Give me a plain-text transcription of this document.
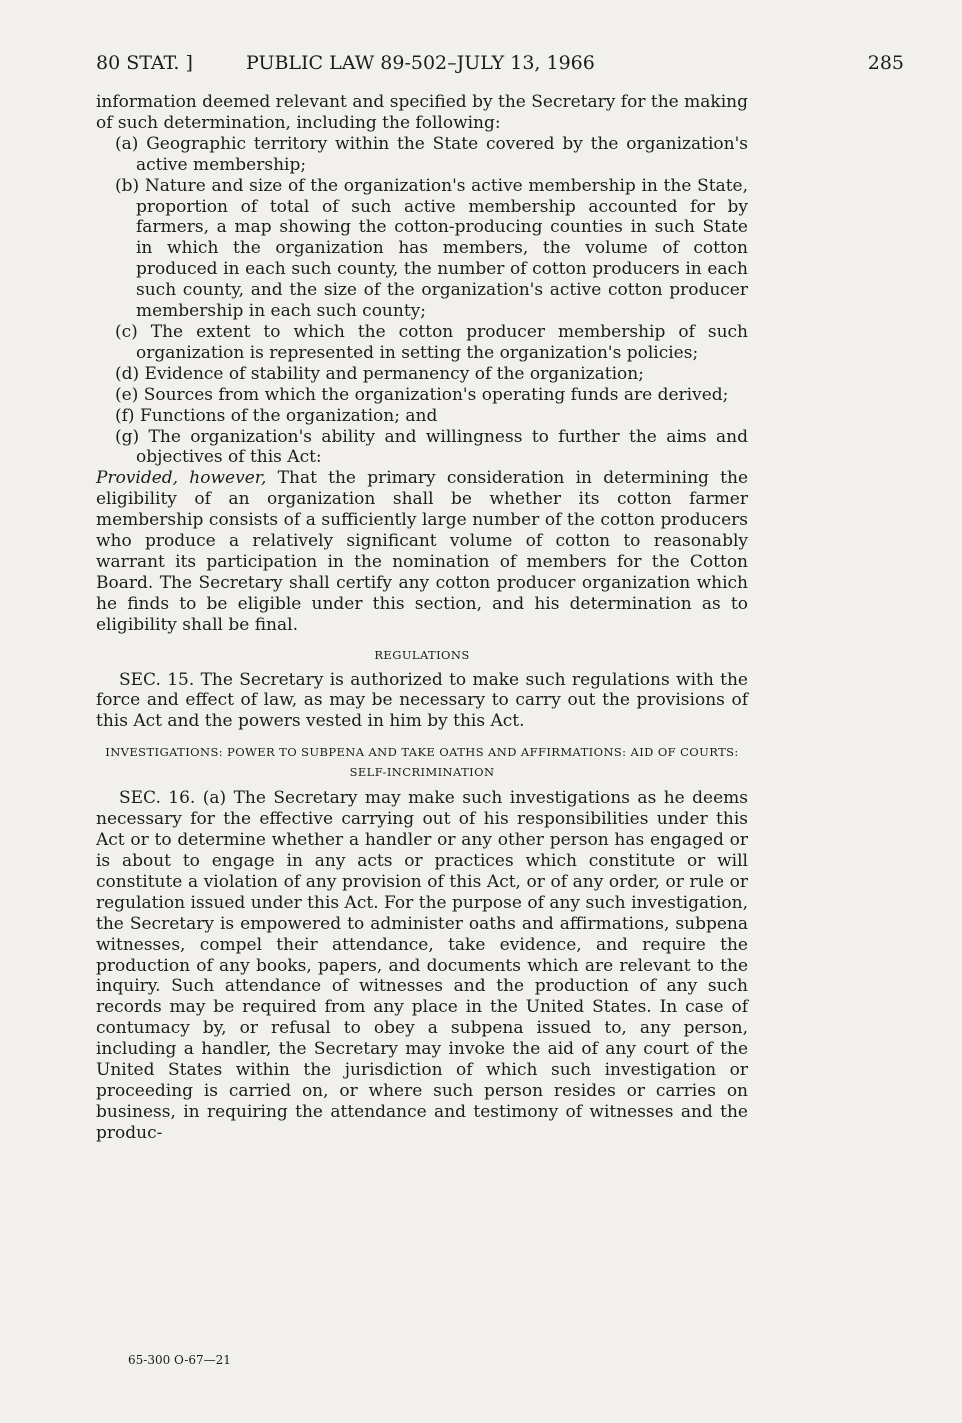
80 STAT. ]	PUBLIC LAW 89-502–JULY 13, 1966	285

information deemed relevant and specified by the Secretary for the making of such determination, including the following:

(a) Geographic territory within the State covered by the organization's active membership;

(b) Nature and size of the organization's active membership in the State, proportion of total of such active membership accounted for by farmers, a map showing the cotton-producing counties in such State in which the organization has members, the volume of cotton produced in each such county, the number of cotton producers in each such county, and the size of the organization's active cotton producer membership in each such county;

(c) The extent to which the cotton producer membership of such organization is represented in setting the organization's policies;

(d) Evidence of stability and permanency of the organization;

(e) Sources from which the organization's operating funds are derived;

(f) Functions of the organization; and

(g) The organization's ability and willingness to further the aims and objectives of this Act:

Provided, however, That the primary consideration in determining the eligibility of an organization shall be whether its cotton farmer membership consists of a sufficiently large number of the cotton producers who produce a relatively significant volume of cotton to reasonably warrant its participation in the nomination of members for the Cotton Board. The Secretary shall certify any cotton producer organization which he finds to be eligible under this section, and his determination as to eligibility shall be final.

REGULATIONS

SEC. 15. The Secretary is authorized to make such regulations with the force and effect of law, as may be necessary to carry out the provisions of this Act and the powers vested in him by this Act.

INVESTIGATIONS: POWER TO SUBPENA AND TAKE OATHS AND AFFIRMATIONS: AID OF COURTS: SELF-INCRIMINATION

SEC. 16. (a) The Secretary may make such investigations as he deems necessary for the effective carrying out of his responsibilities under this Act or to determine whether a handler or any other person has engaged or is about to engage in any acts or practices which constitute or will constitute a violation of any provision of this Act, or of any order, or rule or regulation issued under this Act. For the purpose of any such investigation, the Secretary is empowered to administer oaths and affirmations, subpena witnesses, compel their attendance, take evidence, and require the production of any books, papers, and documents which are relevant to the inquiry. Such attendance of witnesses and the production of any such records may be required from any place in the United States. In case of contumacy by, or refusal to obey a subpena issued to, any person, including a handler, the Secretary may invoke the aid of any court of the United States within the jurisdiction of which such investigation or proceeding is carried on, or where such person resides or carries on business, in requiring the attendance and testimony of witnesses and the produc-

65-300 O-67—21
